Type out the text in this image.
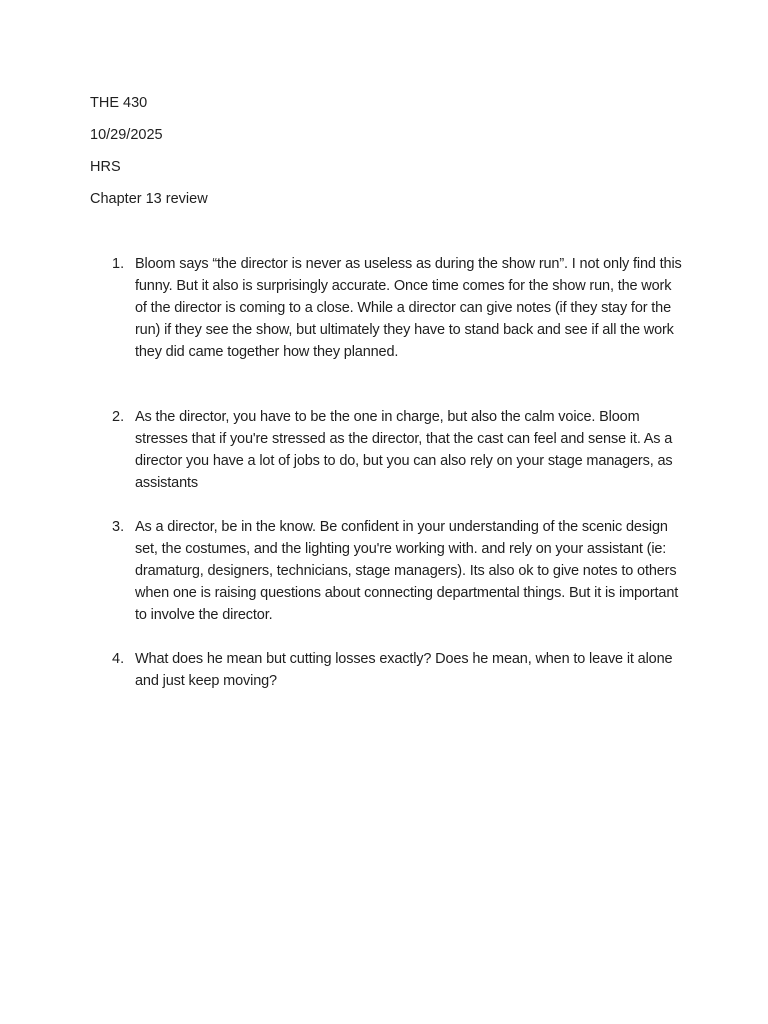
THE 430
10/29/2025
HRS
Chapter 13 review
1. Bloom says “the director is never as useless as during the show run”. I not only find this funny. But it also is surprisingly accurate. Once time comes for the show run, the work of the director is coming to a close. While a director can give notes (if they stay for the run) if they see the show, but ultimately they have to stand back and see if all the work they did came together how they planned.
2. As the director, you have to be the one in charge, but also the calm voice. Bloom stresses that if you're stressed as the director, that the cast can feel and sense it. As a director you have a lot of jobs to do, but you can also rely on your stage managers, as assistants
3. As a director, be in the know. Be confident in your understanding of the scenic design set, the costumes, and the lighting you're working with. and rely on your assistant (ie: dramaturg, designers, technicians, stage managers). Its also ok to give notes to others when one is raising questions about connecting departmental things. But it is important to involve the director.
4. What does he mean but cutting losses exactly? Does he mean, when to leave it alone and just keep moving?
